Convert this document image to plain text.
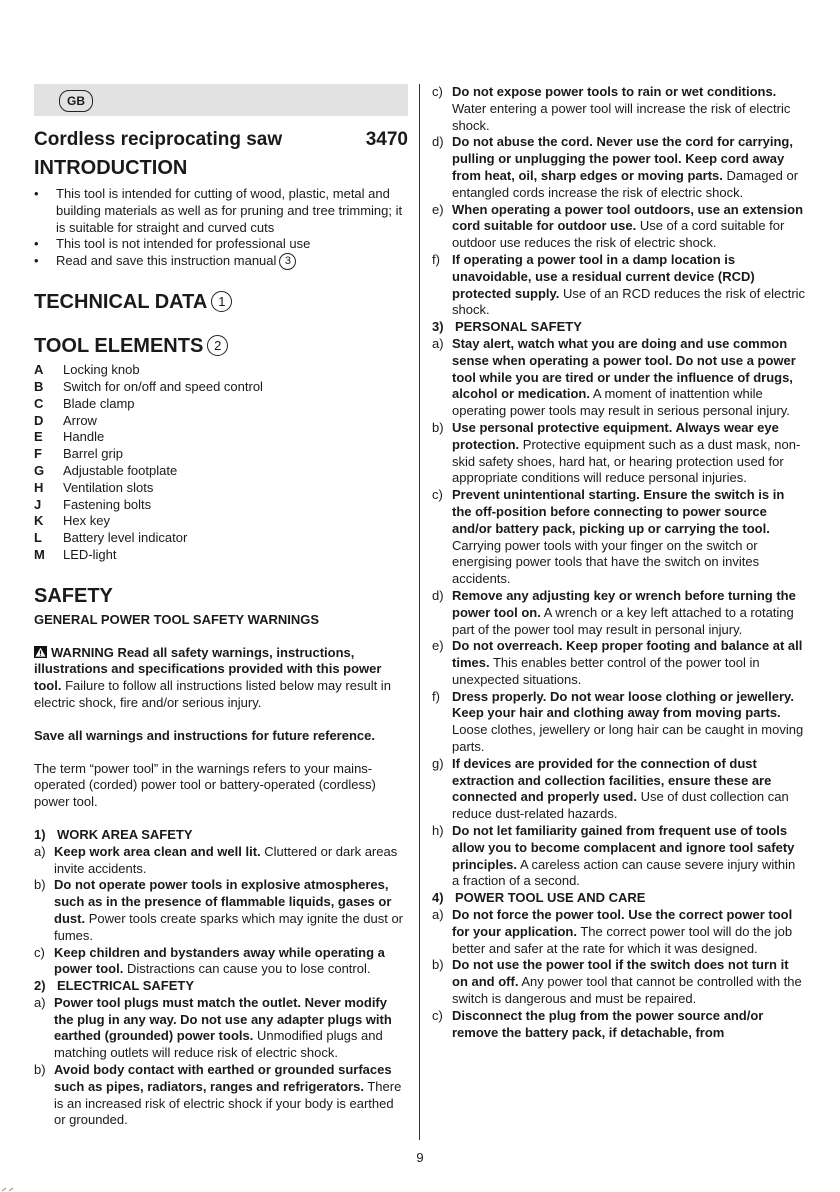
GB
Cordless reciprocating saw	3470
INTRODUCTION
• This tool is intended for cutting of wood, plastic, metal and building materials as well as for pruning and tree trimming; it is suitable for straight and curved cuts
• This tool is not intended for professional use
• Read and save this instruction manual 3
TECHNICAL DATA 1
TOOL ELEMENTS 2
A	Locking knob
B	Switch for on/off and speed control
C	Blade clamp
D	Arrow
E	Handle
F	Barrel grip
G	Adjustable footplate
H	Ventilation slots
J	Fastening bolts
K	Hex key
L	Battery level indicator
M	LED-light
SAFETY
GENERAL POWER TOOL SAFETY WARNINGS
WARNING Read all safety warnings, instructions, illustrations and specifications provided with this power tool. Failure to follow all instructions listed below may result in electric shock, fire and/or serious injury.
Save all warnings and instructions for future reference.
The term “power tool” in the warnings refers to your mains-operated (corded) power tool or battery-operated (cordless) power tool.
1) WORK AREA SAFETY
a) Keep work area clean and well lit. Cluttered or dark areas invite accidents.
b) Do not operate power tools in explosive atmospheres, such as in the presence of flammable liquids, gases or dust. Power tools create sparks which may ignite the dust or fumes.
c) Keep children and bystanders away while operating a power tool. Distractions can cause you to lose control.
2) ELECTRICAL SAFETY
a) Power tool plugs must match the outlet. Never modify the plug in any way. Do not use any adapter plugs with earthed (grounded) power tools. Unmodified plugs and matching outlets will reduce risk of electric shock.
b) Avoid body contact with earthed or grounded surfaces such as pipes, radiators, ranges and refrigerators. There is an increased risk of electric shock if your body is earthed or grounded.
c) Do not expose power tools to rain or wet conditions. Water entering a power tool will increase the risk of electric shock.
d) Do not abuse the cord. Never use the cord for carrying, pulling or unplugging the power tool. Keep cord away from heat, oil, sharp edges or moving parts. Damaged or entangled cords increase the risk of electric shock.
e) When operating a power tool outdoors, use an extension cord suitable for outdoor use. Use of a cord suitable for outdoor use reduces the risk of electric shock.
f) If operating a power tool in a damp location is unavoidable, use a residual current device (RCD) protected supply. Use of an RCD reduces the risk of electric shock.
3) PERSONAL SAFETY
a) Stay alert, watch what you are doing and use common sense when operating a power tool. Do not use a power tool while you are tired or under the influence of drugs, alcohol or medication. A moment of inattention while operating power tools may result in serious personal injury.
b) Use personal protective equipment. Always wear eye protection. Protective equipment such as a dust mask, non-skid safety shoes, hard hat, or hearing protection used for appropriate conditions will reduce personal injuries.
c) Prevent unintentional starting. Ensure the switch is in the off-position before connecting to power source and/or battery pack, picking up or carrying the tool. Carrying power tools with your finger on the switch or energising power tools that have the switch on invites accidents.
d) Remove any adjusting key or wrench before turning the power tool on. A wrench or a key left attached to a rotating part of the power tool may result in personal injury.
e) Do not overreach. Keep proper footing and balance at all times. This enables better control of the power tool in unexpected situations.
f) Dress properly. Do not wear loose clothing or jewellery. Keep your hair and clothing away from moving parts. Loose clothes, jewellery or long hair can be caught in moving parts.
g) If devices are provided for the connection of dust extraction and collection facilities, ensure these are connected and properly used. Use of dust collection can reduce dust-related hazards.
h) Do not let familiarity gained from frequent use of tools allow you to become complacent and ignore tool safety principles. A careless action can cause severe injury within a fraction of a second.
4) POWER TOOL USE AND CARE
a) Do not force the power tool. Use the correct power tool for your application. The correct power tool will do the job better and safer at the rate for which it was designed.
b) Do not use the power tool if the switch does not turn it on and off. Any power tool that cannot be controlled with the switch is dangerous and must be repaired.
c) Disconnect the plug from the power source and/or remove the battery pack, if detachable, from
9
